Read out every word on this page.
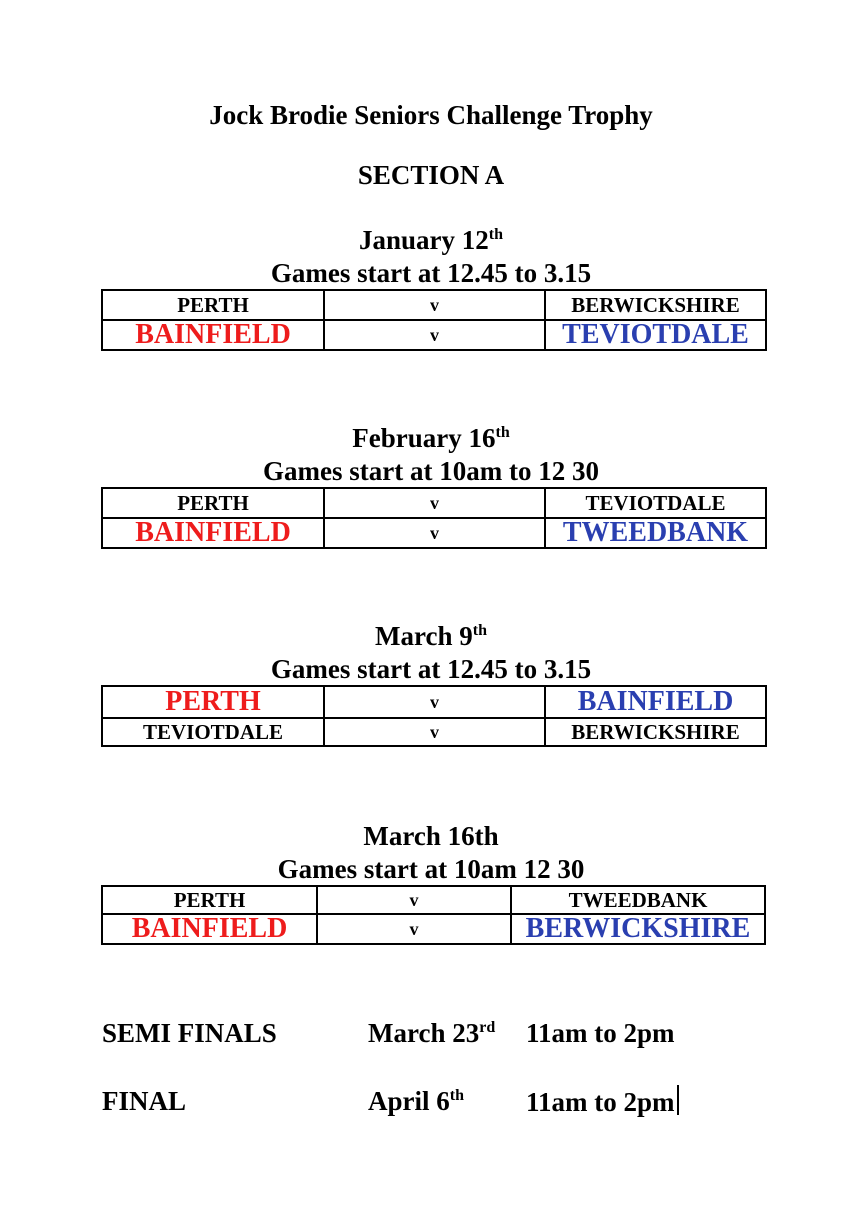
Jock Brodie Seniors Challenge Trophy
SECTION A
January 12th
Games start at 12.45 to 3.15
PERTH	v	BERWICKSHIRE
BAINFIELD	v	TEVIOTDALE
February 16th
Games start at 10am to 12 30
PERTH	v	TEVIOTDALE
BAINFIELD	v	TWEEDBANK
March 9th
Games start at 12.45 to 3.15
PERTH	v	BAINFIELD
TEVIOTDALE	v	BERWICKSHIRE
March 16th
Games start at 10am 12 30
PERTH	v	TWEEDBANK
BAINFIELD	v	BERWICKSHIRE
SEMI FINALS	March 23rd 11am to 2pm
FINAL	April 6th 11am to 2pm
